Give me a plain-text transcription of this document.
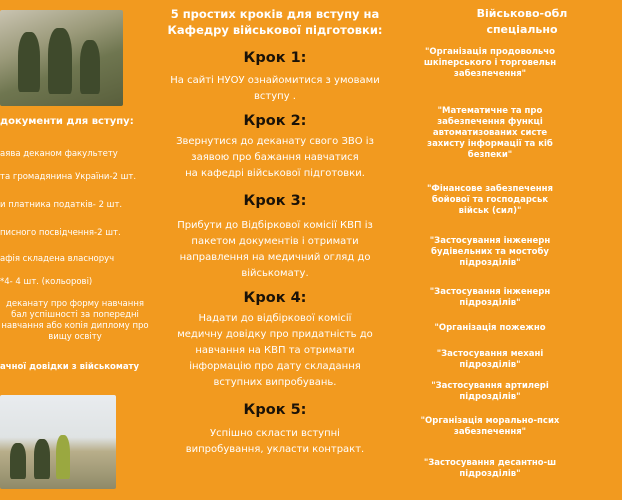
документи для вступу:
аява деканом факультету
та громадянина України-2 шт.
и платника податків- 2 шт.
писного посвідчення-2 шт.
афія складена власноруч
*4- 4 шт. (кольорові)
деканату про форму навчання
бал успішності за попередні
навчання або копія диплому про
вищу освіту
ачної довідки з військомату
5 простих кроків для вступу на
Кафедру військової підготовки:
Крок 1:
На сайті НУОУ ознайомитися з умовами
вступу .
Крок 2:
Звернутися до деканату свого ЗВО із
заявою про бажання навчатися
на кафедрі військової підготовки.
Крок 3:
Прибути до Відбіркової комісії КВП із
пакетом документів і отримати
направлення на медичний огляд до
військомату.
Крок 4:
Надати до відбіркової комісії
медичну довідку про придатність до
навчання на КВП та отримати
інформацію про дату складання
вступних випробувань.
Крок 5:
Успішно скласти вступні
випробування, укласти контракт.
Військово-обл
спеціально
"Організація продовольчо
шкіперського і торговельн
забезпечення"
"Математичне та про
забезпечення функці
автоматизованих систе
захисту інформації та кіб
безпеки"
"Фінансове забезпечення
бойової та господарськ
військ (сил)"
"Застосування інженерн
будівельних та мостобу
підрозділів"
"Застосування інженерн
підрозділів"
"Організація пожежно
"Застосування механі
підрозділів"
"Застосування артилері
підрозділів"
"Організація морально-псих
забезпечення"
"Застосування десантно-ш
підрозділів"
